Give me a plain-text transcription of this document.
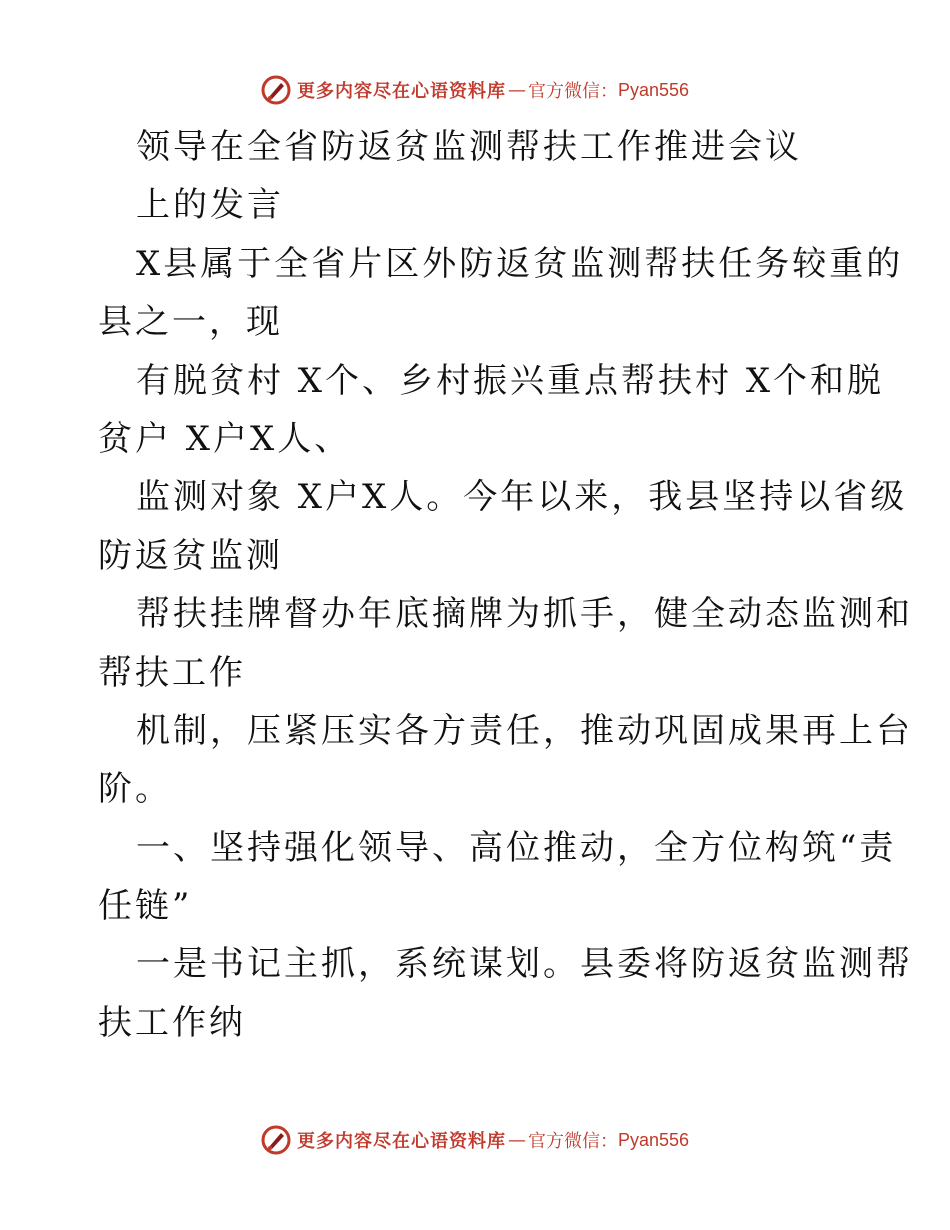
更多内容尽在心语资料库 — 官方微信： Pyan556
领导在全省防返贫监测帮扶工作推进会议
上的发言
X县属于全省片区外防返贫监测帮扶任务较重的
县之一，现
有脱贫村 X个、乡村振兴重点帮扶村 X个和脱
贫户 X户X人、
监测对象 X户X人。今年以来，我县坚持以省级
防返贫监测
帮扶挂牌督办年底摘牌为抓手，健全动态监测和
帮扶工作
机制，压紧压实各方责任，推动巩固成果再上台
阶。
一、坚持强化领导、高位推动，全方位构筑“责
任链”
一是书记主抓，系统谋划。县委将防返贫监测帮
扶工作纳
更多内容尽在心语资料库 — 官方微信： Pyan556
